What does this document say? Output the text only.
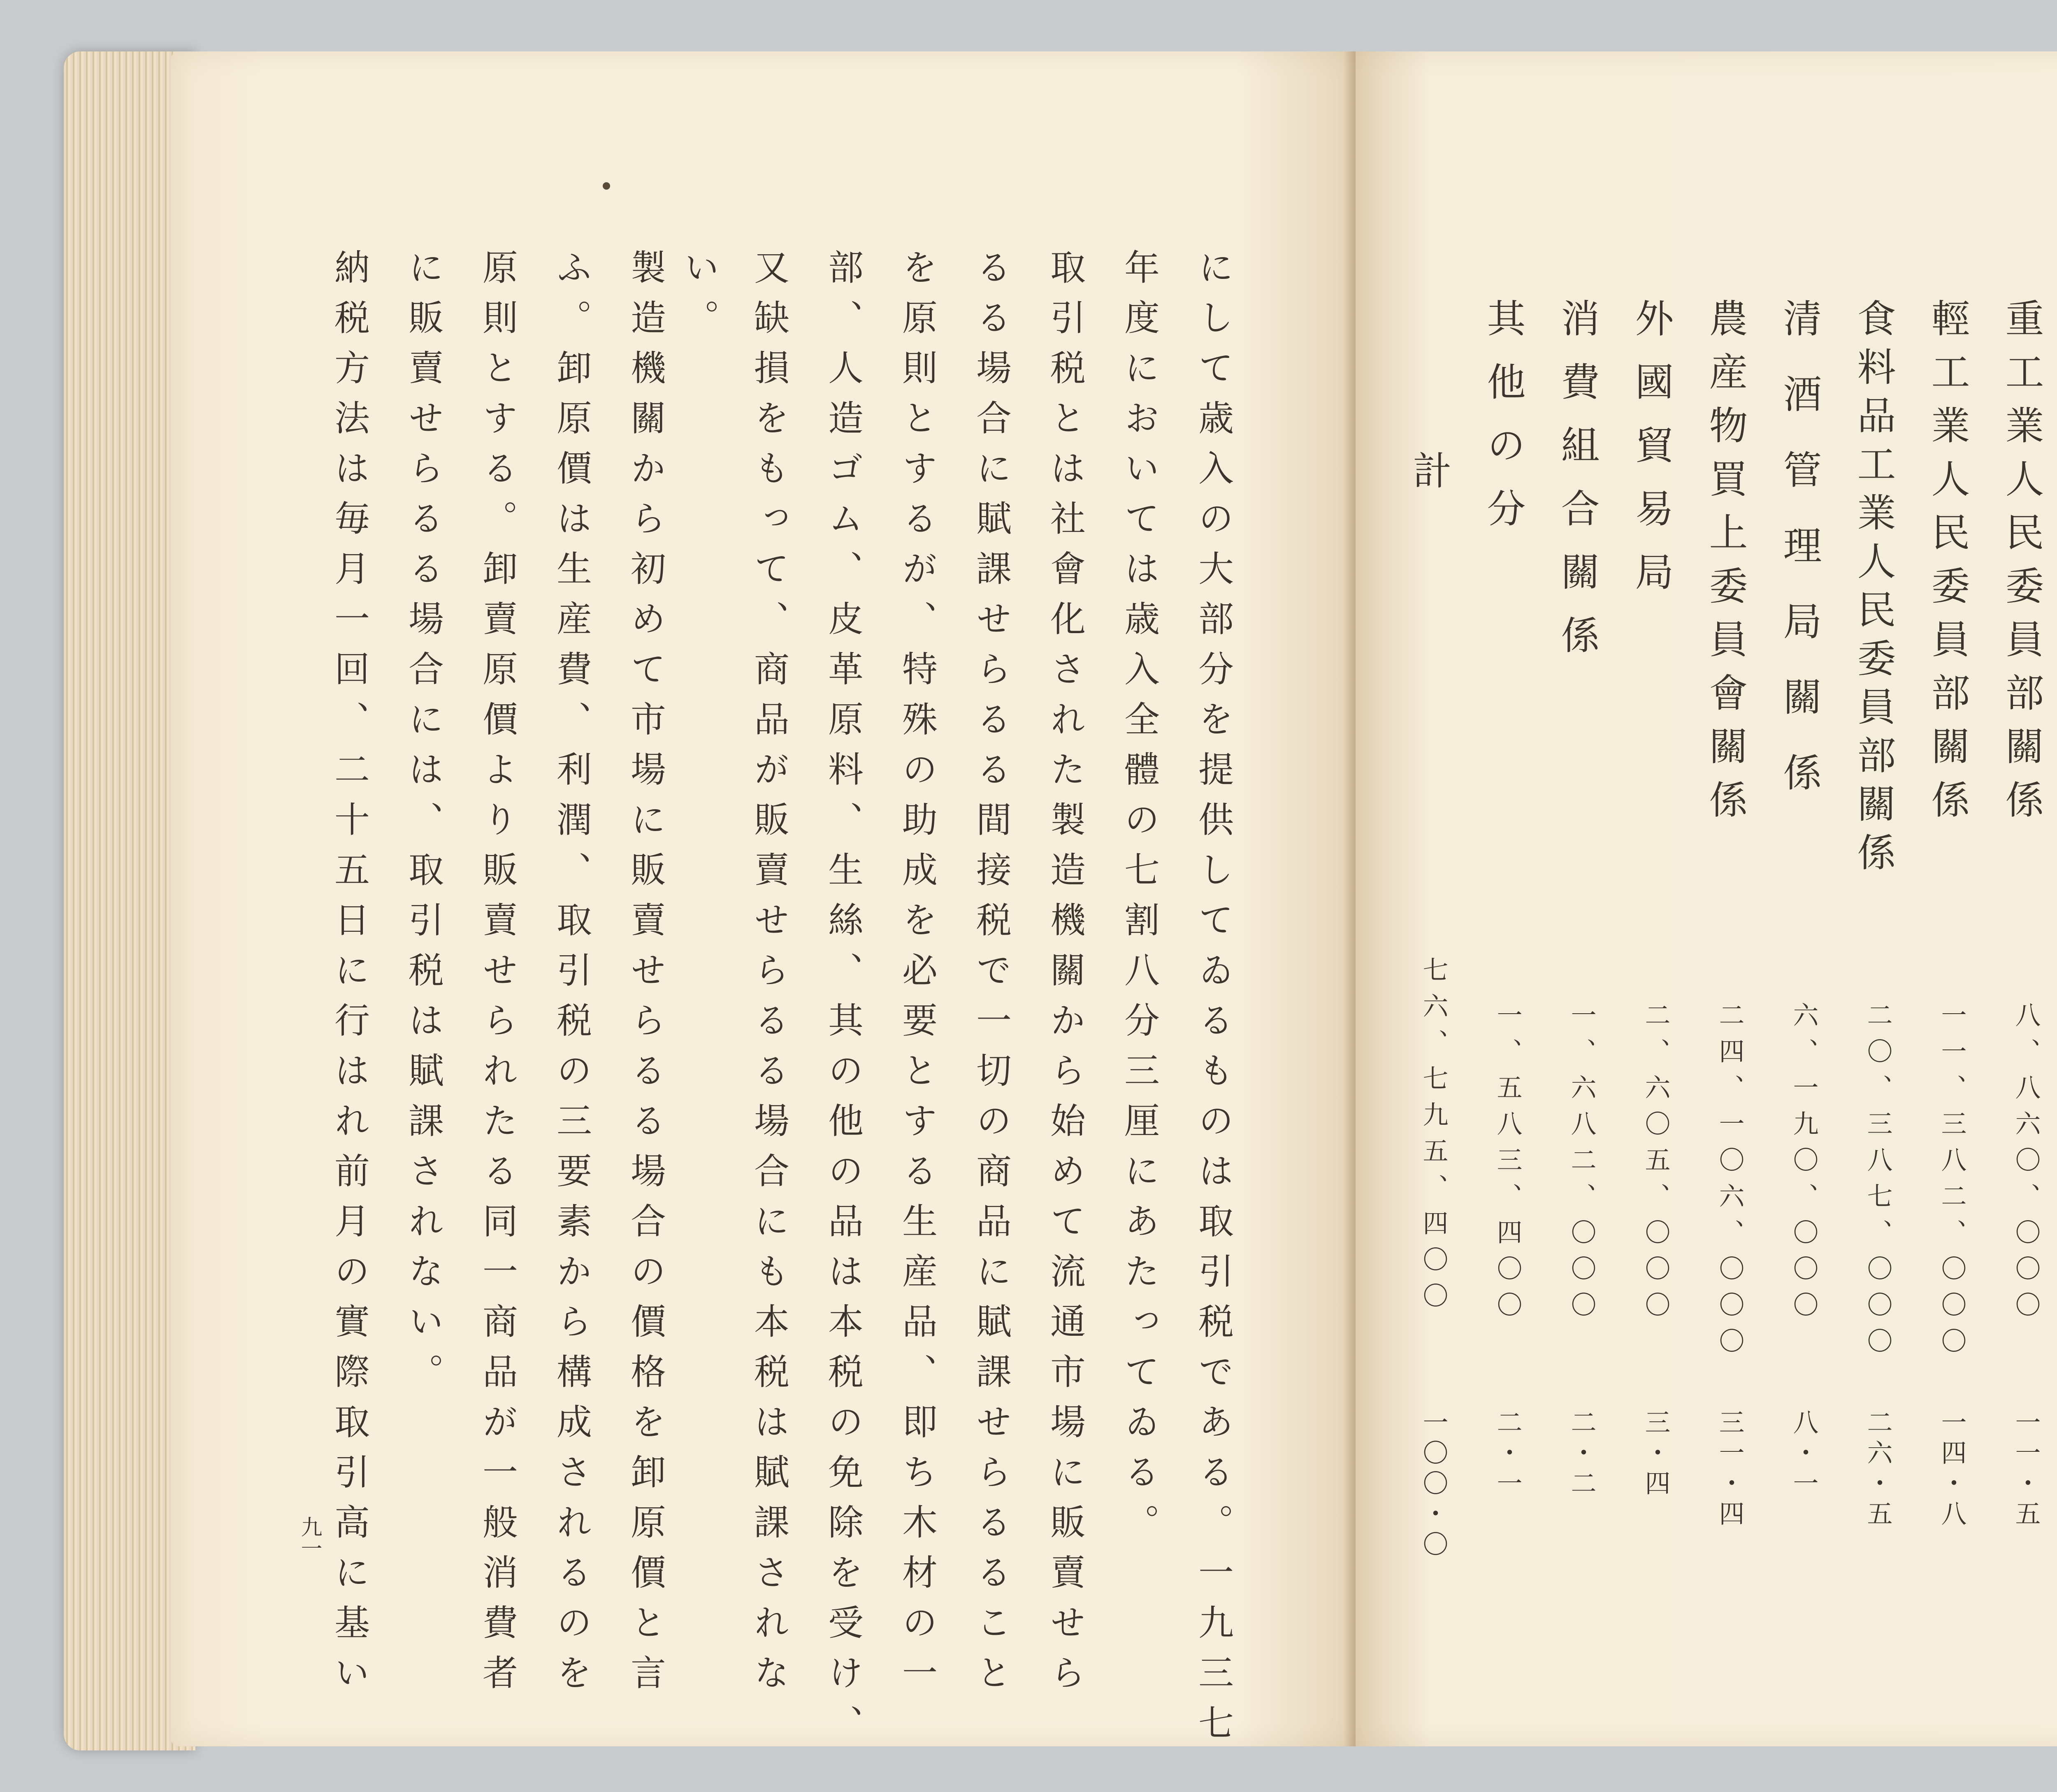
にして歳入の大部分を提供してゐるものは取引税である。一九三七
年度においては歳入全體の七割八分三厘にあたってゐる。
取引税とは社會化された製造機關から始めて流通市場に販賣せら
るる場合に賦課せらるる間接税で一切の商品に賦課せらるること
を原則とするが、特殊の助成を必要とする生産品、即ち木材の一
部、人造ゴム、皮革原料、生絲、其の他の品は本税の免除を受け、
又缺損をもって、商品が販賣せらるる場合にも本税は賦課されな
い。
製造機關から初めて市場に販賣せらるる場合の價格を卸原價と言
ふ。卸原價は生産費、利潤、取引税の三要素から構成されるのを
原則とする。卸賣原價より販賣せられたる同一商品が一般消費者
に販賣せらるる場合には、取引税は賦課されない。
納税方法は毎月一回、二十五日に行はれ前月の實際取引高に基い
九一
重工業人民委員部關係
八、八六〇、〇〇〇
一一・五
輕工業人民委員部關係
一一、三八二、〇〇〇
一四・八
食料品工業人民委員部關係
二〇、三八七、〇〇〇
二六・五
清酒管理局關係
六、一九〇、〇〇〇
八・一
農産物買上委員會關係
二四、一〇六、〇〇〇
三一・四
外國貿易局
二、六〇五、〇〇〇
三・四
消費組合關係
一、六八二、〇〇〇
二・二
其他の分
一、五八三、四〇〇
二・一
計
七六、七九五、四〇〇
一〇〇・〇
